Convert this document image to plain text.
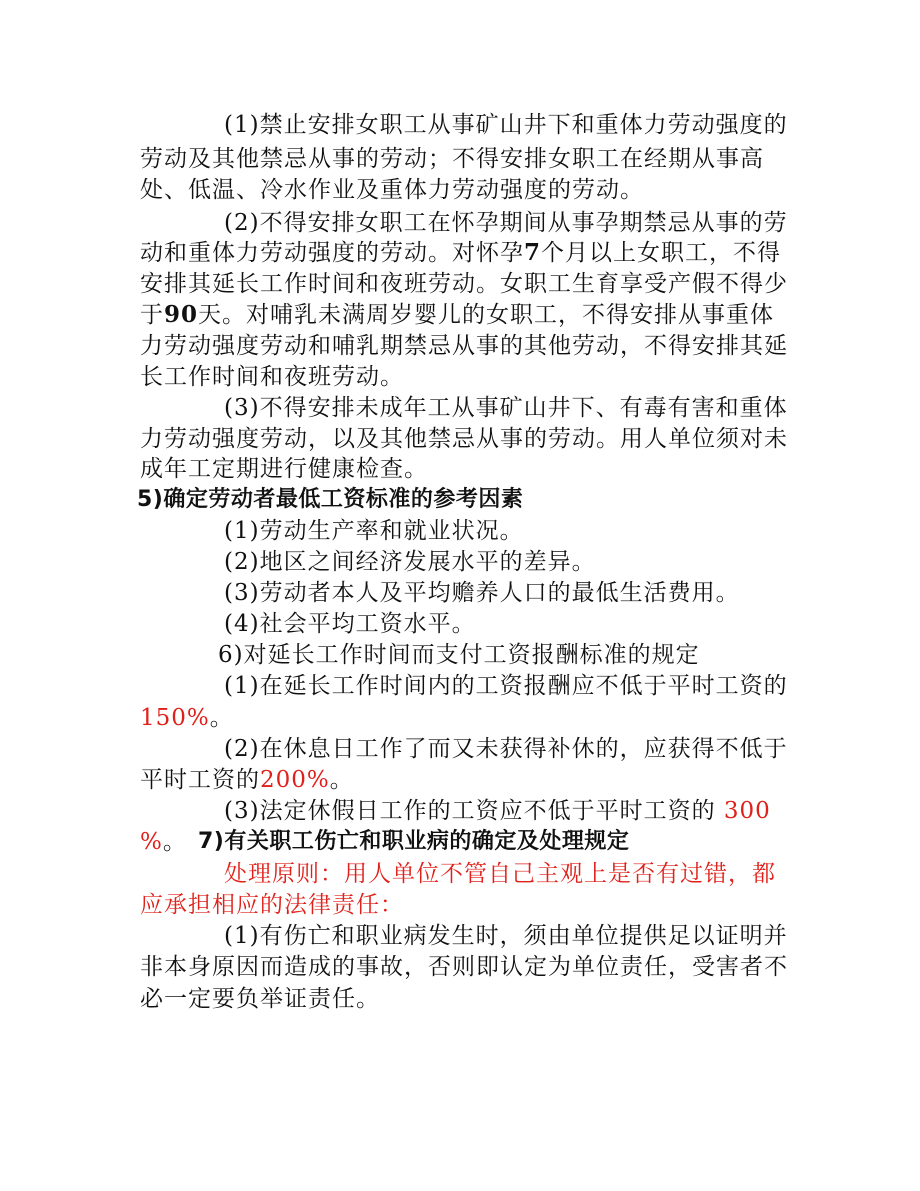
(1)禁止安排女职工从事矿山井下和重体力劳动强度的
劳动及其他禁忌从事的劳动；不得安排女职工在经期从事高
处、低温、冷水作业及重体力劳动强度的劳动。
(2)不得安排女职工在怀孕期间从事孕期禁忌从事的劳
动和重体力劳动强度的劳动。对怀孕7个月以上女职工，不得
安排其延长工作时间和夜班劳动。女职工生育享受产假不得少
于90天。对哺乳未满周岁婴儿的女职工，不得安排从事重体
力劳动强度劳动和哺乳期禁忌从事的其他劳动，不得安排其延
长工作时间和夜班劳动。
(3)不得安排未成年工从事矿山井下、有毒有害和重体
力劳动强度劳动，以及其他禁忌从事的劳动。用人单位须对未
成年工定期进行健康检查。
5)确定劳动者最低工资标准的参考因素
(1)劳动生产率和就业状况。
(2)地区之间经济发展水平的差异。
(3)劳动者本人及平均赡养人口的最低生活费用。
(4)社会平均工资水平。
6)对延长工作时间而支付工资报酬标准的规定
(1)在延长工作时间内的工资报酬应不低于平时工资的
150%。
(2)在休息日工作了而又未获得补休的，应获得不低于
平时工资的200%。
(3)法定休假日工作的工资应不低于平时工资的 300
%。 7)有关职工伤亡和职业病的确定及处理规定
处理原则：用人单位不管自己主观上是否有过错，都
应承担相应的法律责任：
(1)有伤亡和职业病发生时，须由单位提供足以证明并
非本身原因而造成的事故，否则即认定为单位责任，受害者不
必一定要负举证责任。
